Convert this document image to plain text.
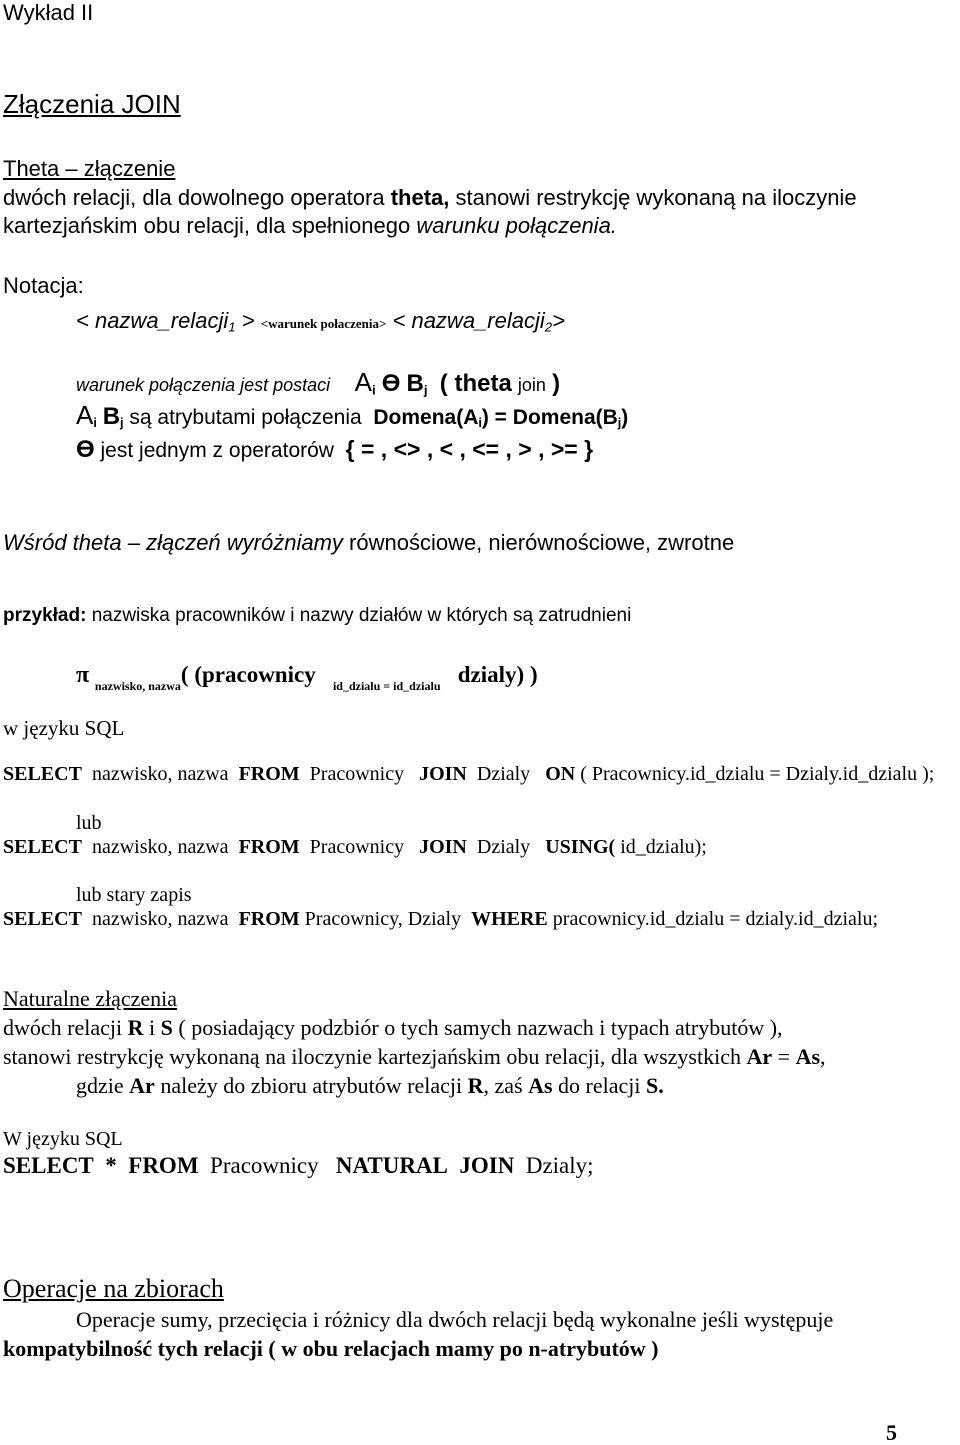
Wykład II
Złączenia JOIN
Theta – złączenie
dwóch relacji, dla dowolnego operatora theta, stanowi restrykcję wykonaną na iloczynie
kartezjańskim obu relacji, dla spełnionego warunku połączenia.
Notacja:
< nazwa_relacji$_1$ > <warunek połaczenia> < nazwa_relacji$_2$>
warunek połączenia jest postaci $A_i$ Ө $B_j$ ( theta join )
$A_i$ $B_j$ są atrybutami połączenia $Domena(A_i)$ = $Domena(B_j)$
Ө jest jednym z operatorów { = , <> , < , <= , > , >= }
Wśród theta – złączeń wyróżniamy równościowe, nierównościowe, zwrotne
przykład: nazwiska pracowników i nazwy działów w których są zatrudnieni
π $_{nazwisko, nazwa}$( (pracownicy $_{id\_dzialu = id\_dzialu}$ dzialy) )
w języku SQL
SELECT nazwisko, nazwa FROM Pracownicy JOIN Dzialy ON ( Pracownicy.id_dzialu = Dzialy.id_dzialu );
lub
SELECT nazwisko, nazwa FROM Pracownicy JOIN Dzialy USING( id_dzialu);
lub stary zapis
SELECT nazwisko, nazwa FROM Pracownicy, Dzialy WHERE pracownicy.id_dzialu = dzialy.id_dzialu;
Naturalne złączenia
dwóch relacji R i S ( posiadający podzbiór o tych samych nazwach i typach atrybutów ),
stanowi restrykcję wykonaną na iloczynie kartezjańskim obu relacji, dla wszystkich Ar = As,
gdzie Ar należy do zbioru atrybutów relacji R, zaś As do relacji S.
W języku SQL
SELECT * FROM Pracownicy NATURAL JOIN Dzialy;
Operacje na zbiorach
Operacje sumy, przecięcia i różnicy dla dwóch relacji będą wykonalne jeśli występuje
kompatybilność tych relacji ( w obu relacjach mamy po n-atrybutów )
5
